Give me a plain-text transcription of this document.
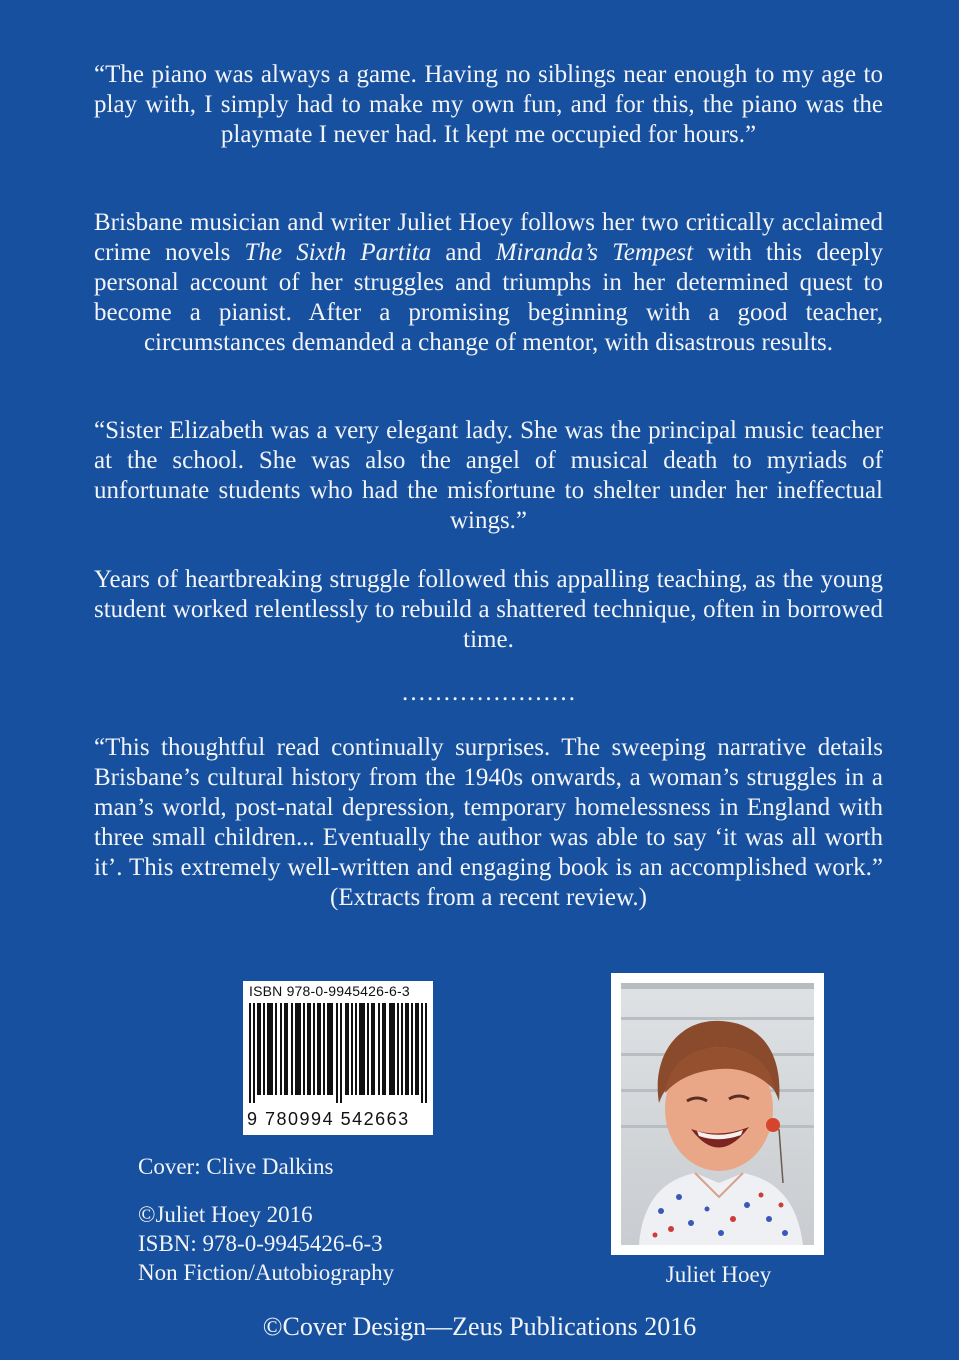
“The piano was always a game. Having no siblings near enough to my age to play with, I simply had to make my own fun, and for this, the piano was the playmate I never had. It kept me occupied for hours.”

Brisbane musician and writer Juliet Hoey follows her two critically acclaimed crime novels The Sixth Partita and Miranda’s Tempest with this deeply personal account of her struggles and triumphs in her determined quest to become a pianist. After a promising beginning with a good teacher, circumstances demanded a change of mentor, with disastrous results.

“Sister Elizabeth was a very elegant lady. She was the principal music teacher at the school. She was also the angel of musical death to myriads of unfortunate students who had the misfortune to shelter under her ineffectual wings.”

Years of heartbreaking struggle followed this appalling teaching, as the young student worked relentlessly to rebuild a shattered technique, often in borrowed time.

…………………

“This thoughtful read continually surprises. The sweeping narrative details Brisbane’s cultural history from the 1940s onwards, a woman’s struggles in a man’s world, post-natal depression, temporary homelessness in England with three small children... Eventually the author was able to say ‘it was all worth it’. This extremely well-written and engaging book is an accomplished work.” (Extracts from a recent review.)

ISBN 978-0-9945426-6-3
9 780994 542663

Cover: Clive Dalkins

©Juliet Hoey 2016

ISBN: 978-0-9945426-6-3

Non Fiction/Autobiography	Juliet Hoey

©Cover Design—Zeus Publications 2016
